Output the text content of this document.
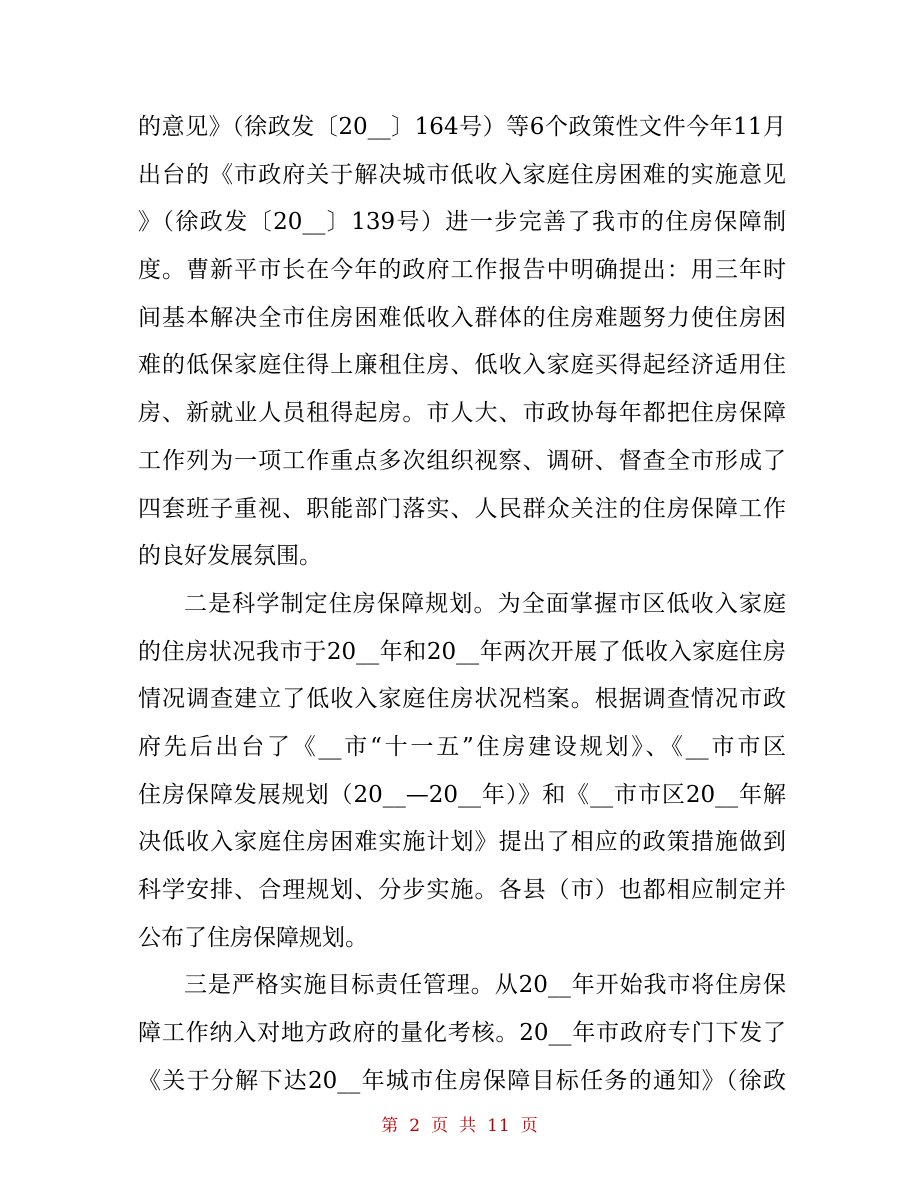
的意见》（徐政发〔20__〕164号）等6个政策性文件今年11月
出台的《市政府关于解决城市低收入家庭住房困难的实施意见
》（徐政发〔20__〕139号）进一步完善了我市的住房保障制
度。曹新平市长在今年的政府工作报告中明确提出：用三年时
间基本解决全市住房困难低收入群体的住房难题努力使住房困
难的低保家庭住得上廉租住房、低收入家庭买得起经济适用住
房、新就业人员租得起房。市人大、市政协每年都把住房保障
工作列为一项工作重点多次组织视察、调研、督查全市形成了
四套班子重视、职能部门落实、人民群众关注的住房保障工作
的良好发展氛围。
二是科学制定住房保障规划。为全面掌握市区低收入家庭
的住房状况我市于20__年和20__年两次开展了低收入家庭住房
情况调查建立了低收入家庭住房状况档案。根据调查情况市政
府先后出台了《__市“十一五”住房建设规划》、《__市市区
住房保障发展规划（20__—20__年）》和《__市市区20__年解
决低收入家庭住房困难实施计划》提出了相应的政策措施做到
科学安排、合理规划、分步实施。各县（市）也都相应制定并
公布了住房保障规划。
三是严格实施目标责任管理。从20__年开始我市将住房保
障工作纳入对地方政府的量化考核。20__年市政府专门下发了
《关于分解下达20__年城市住房保障目标任务的通知》（徐政
第 2 页 共 11 页
